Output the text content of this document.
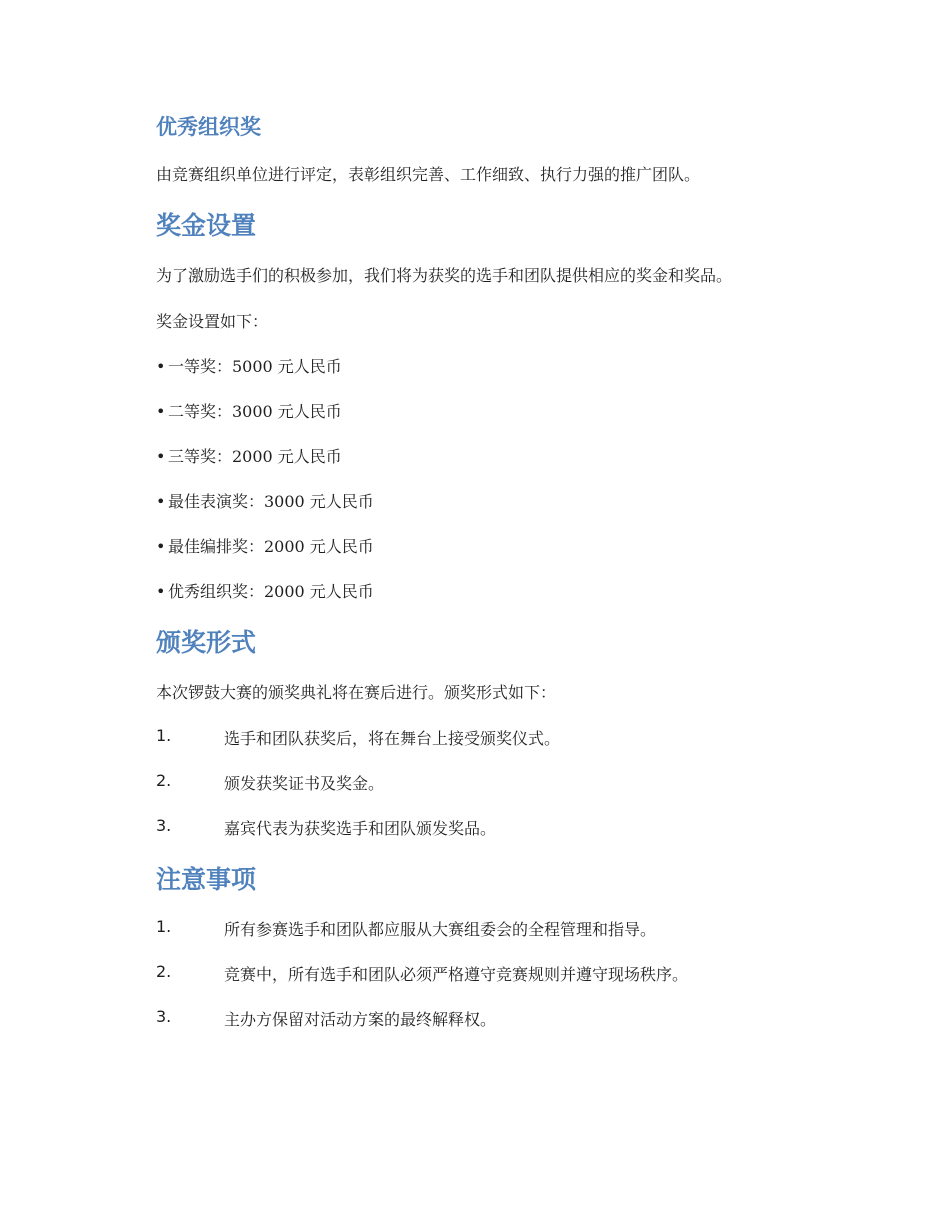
优秀组织奖
由竞赛组织单位进行评定，表彰组织完善、工作细致、执行力强的推广团队。
奖金设置
为了激励选手们的积极参加，我们将为获奖的选手和团队提供相应的奖金和奖品。
奖金设置如下：
• 一等奖：5000 元人民币
• 二等奖：3000 元人民币
• 三等奖：2000 元人民币
• 最佳表演奖：3000 元人民币
• 最佳编排奖：2000 元人民币
• 优秀组织奖：2000 元人民币
颁奖形式
本次锣鼓大赛的颁奖典礼将在赛后进行。颁奖形式如下：
1.	选手和团队获奖后，将在舞台上接受颁奖仪式。
2.	颁发获奖证书及奖金。
3.	嘉宾代表为获奖选手和团队颁发奖品。
注意事项
1.	所有参赛选手和团队都应服从大赛组委会的全程管理和指导。
2.	竞赛中，所有选手和团队必须严格遵守竞赛规则并遵守现场秩序。
3.	主办方保留对活动方案的最终解释权。
